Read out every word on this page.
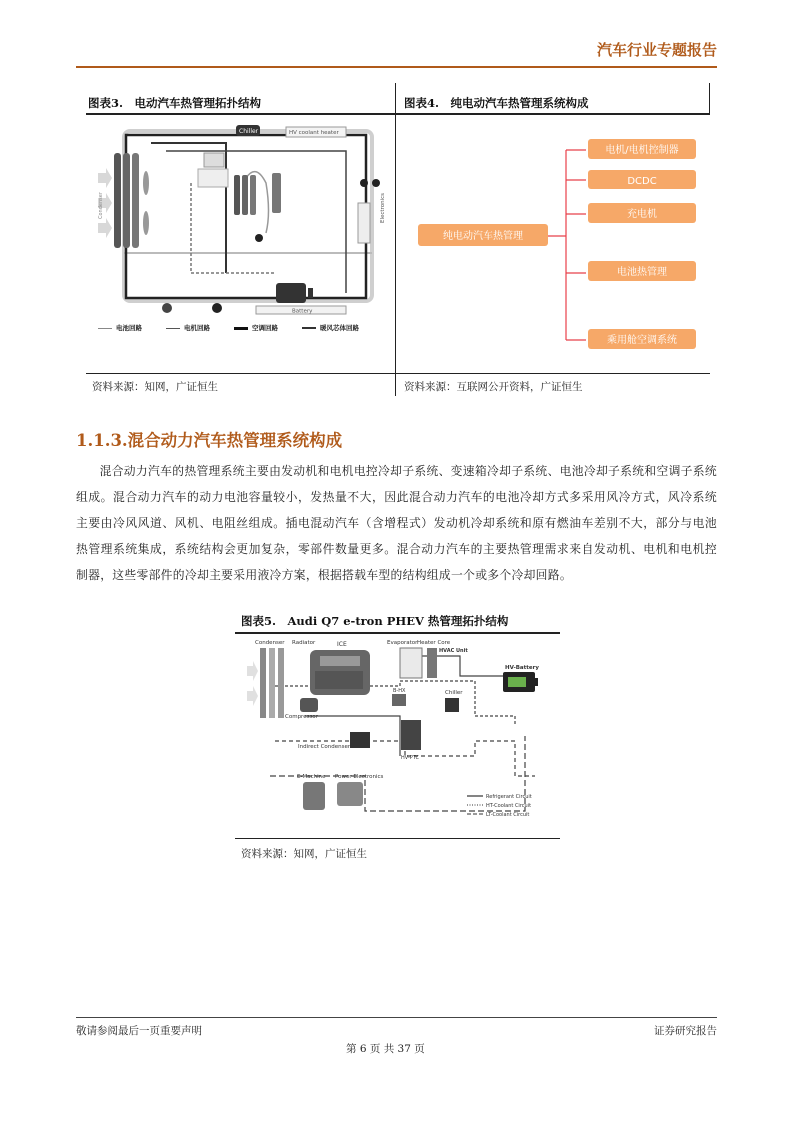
汽车行业专题报告
图表3.　电动汽车热管理拓扑结构	图表4.　纯电动汽车热管理系统构成
Chiller	HV coolant heater
Condenser	Electronics
Battery
电池回路	电机回路	空调回路	暖风芯体回路
纯电动汽车热管理
电机/电机控制器
DCDC
充电机
电池热管理
乘用舱空调系统
资料来源：知网，广证恒生	资料来源：互联网公开资料，广证恒生
1.1.3.混合动力汽车热管理系统构成
混合动力汽车的热管理系统主要由发动机和电机电控冷却子系统、变速箱冷却子系统、电池冷却子系统和空调子系统组成。混合动力汽车的动力电池容量较小，发热量不大，因此混合动力汽车的电池冷却方式多采用风冷方式，风冷系统主要由冷风风道、风机、电阻丝组成。插电混动汽车（含增程式）发动机冷却系统和原有燃油车差别不大，部分与电池热管理系统集成，系统结构会更加复杂，零部件数量更多。混合动力汽车的主要热管理需求来自发动机、电机和电机控制器，这些零部件的冷却主要采用液冷方案，根据搭载车型的结构组成一个或多个冷却回路。
图表5.　Audi Q7 e-tron PHEV 热管理拓扑结构
Condenser Radiator	ICE	Evaporator Heater Core
HVAC Unit
HV-Battery
Chiller
Compressor
B-HX
Indirect Condenser
HV-PTC
E-Machine Power Electronics
Refrigerant Circuit
HT-Coolant Circuit
LT-Coolant Circuit
资料来源：知网，广证恒生
敬请参阅最后一页重要声明
第 6 页 共 37 页
证券研究报告
